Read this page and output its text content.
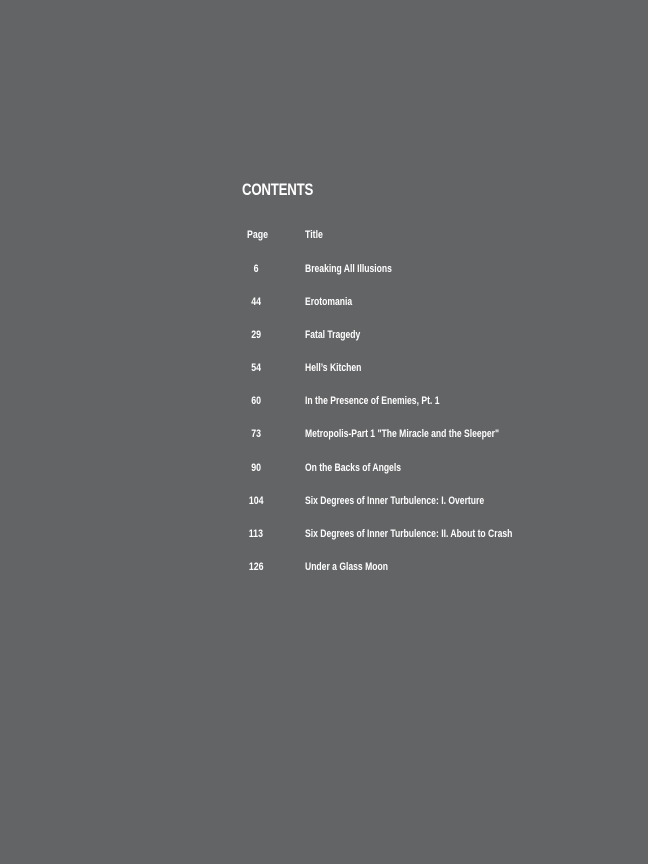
CONTENTS
Page	Title
6	Breaking All Illusions
44	Erotomania
29	Fatal Tragedy
54	Hell’s Kitchen
60	In the Presence of Enemies, Pt. 1
73	Metropolis-Part 1 "The Miracle and the Sleeper"
90	On the Backs of Angels
104	Six Degrees of Inner Turbulence: I. Overture
113	Six Degrees of Inner Turbulence: II. About to Crash
126	Under a Glass Moon
